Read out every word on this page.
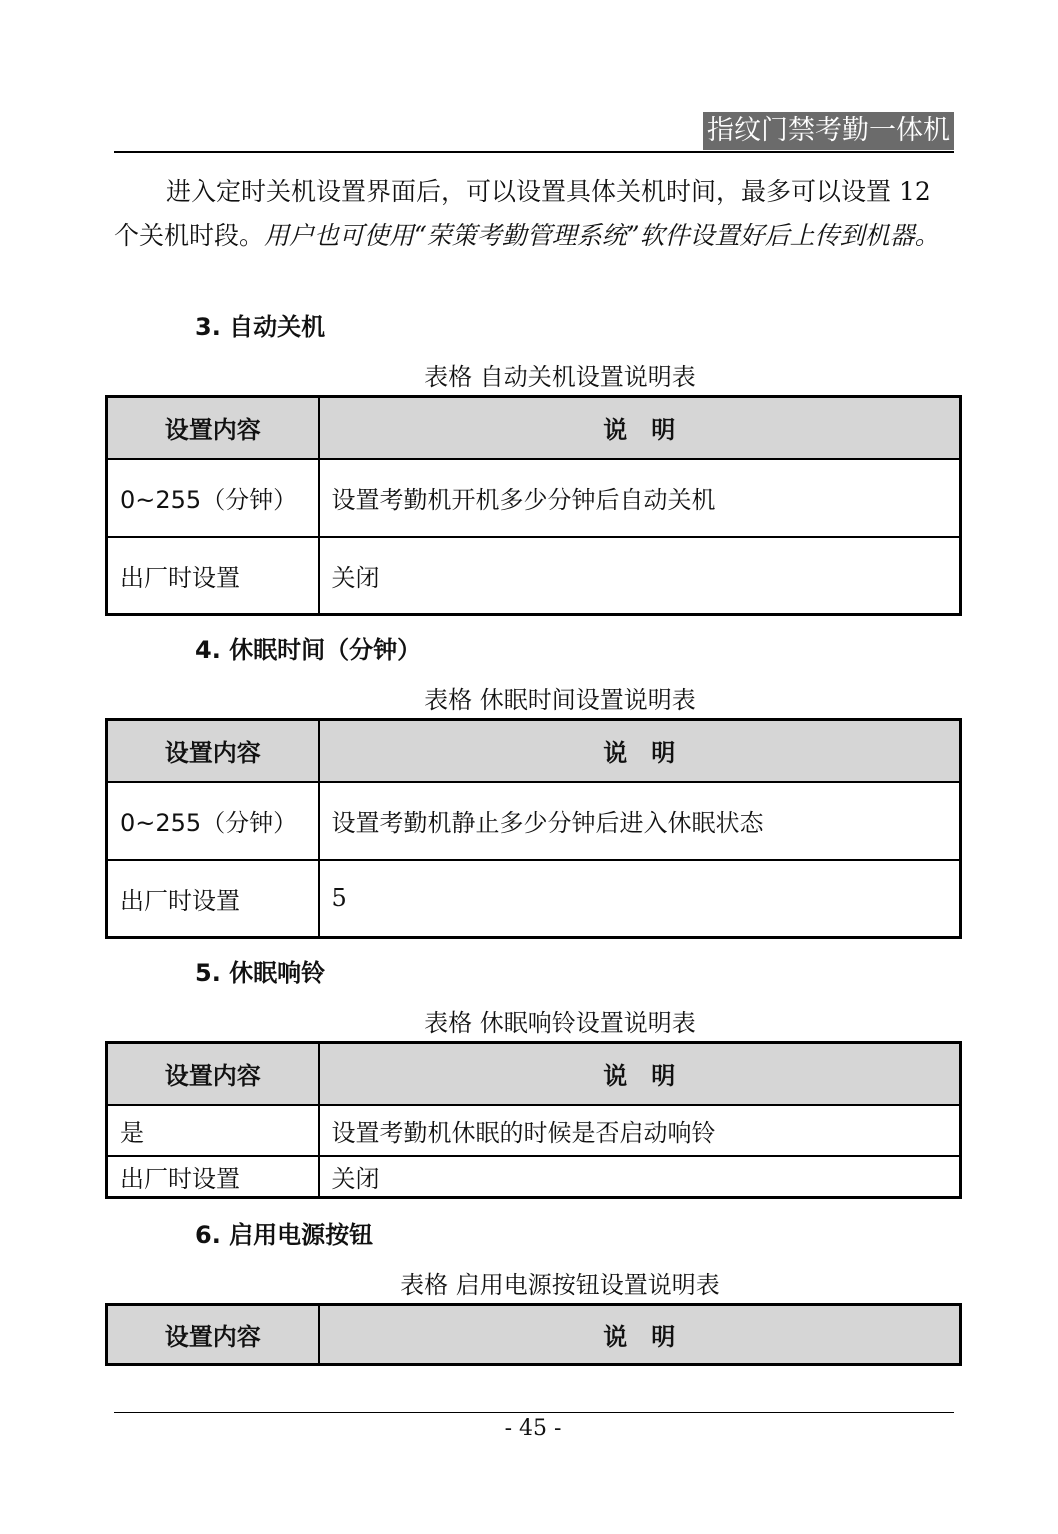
指纹门禁考勤一体机
进入定时关机设置界面后，可以设置具体关机时间，最多可以设置 12 个关机时段。用户也可使用“荣策考勤管理系统”软件设置好后上传到机器。
3. 自动关机
表格 自动关机设置说明表
设置内容	说　明
0~255（分钟）	设置考勤机开机多少分钟后自动关机
出厂时设置	关闭
4. 休眠时间（分钟）
表格 休眠时间设置说明表
设置内容	说　明
0~255（分钟）	设置考勤机静止多少分钟后进入休眠状态
出厂时设置	5
5. 休眠响铃
表格 休眠响铃设置说明表
设置内容	说　明
是	设置考勤机休眠的时候是否启动响铃
出厂时设置	关闭
6. 启用电源按钮
表格 启用电源按钮设置说明表
设置内容	说　明
- 45 -
